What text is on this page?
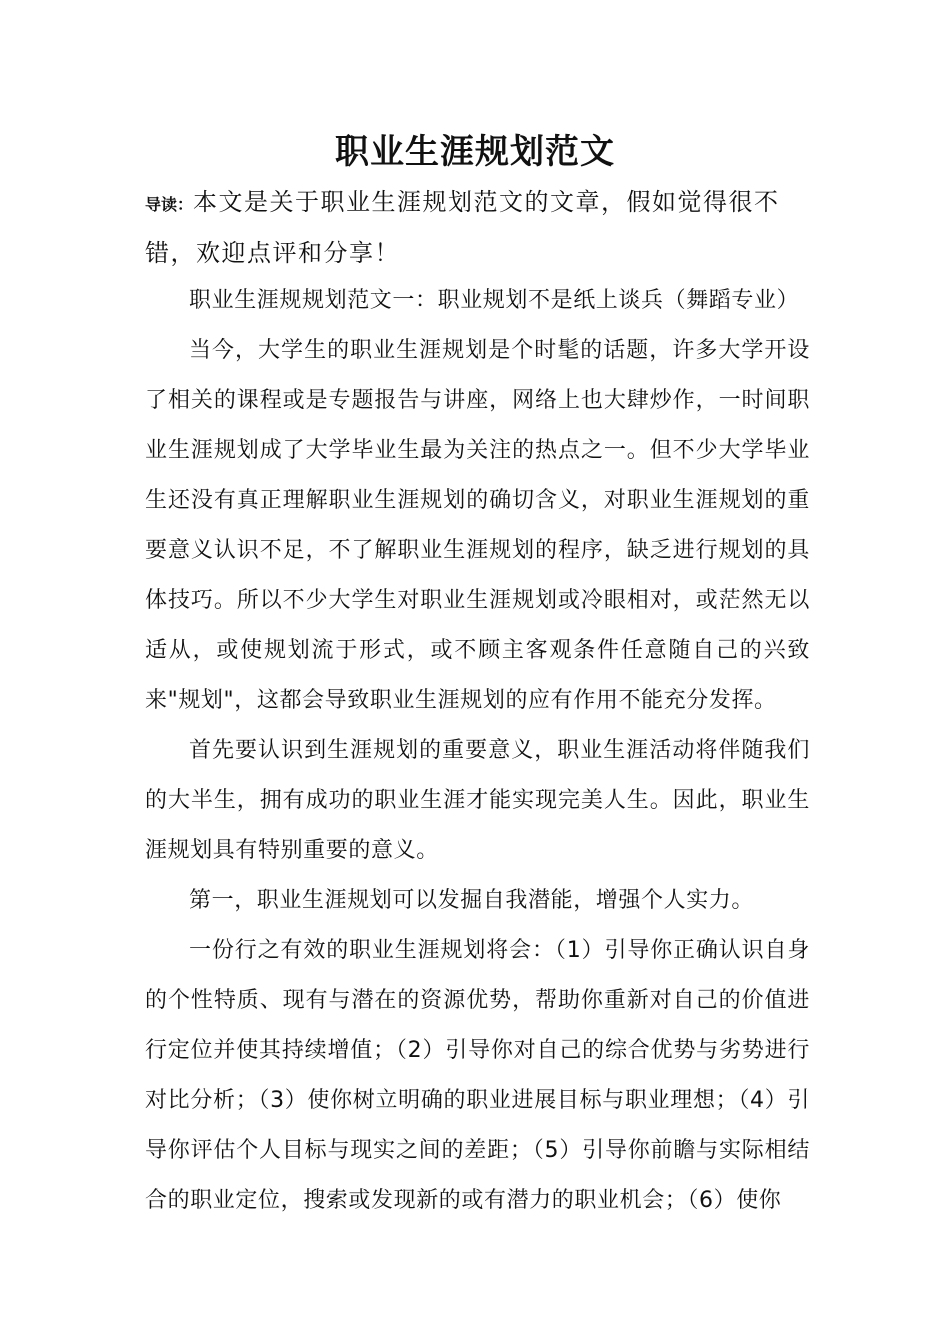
职业生涯规划范文
导读：本文是关于职业生涯规划范文的文章，假如觉得很不错，欢迎点评和分享！

职业生涯规规划范文一：职业规划不是纸上谈兵（舞蹈专业）

当今，大学生的职业生涯规划是个时髦的话题，许多大学开设了相关的课程或是专题报告与讲座，网络上也大肆炒作，一时间职业生涯规划成了大学毕业生最为关注的热点之一。但不少大学毕业生还没有真正理解职业生涯规划的确切含义，对职业生涯规划的重要意义认识不足，不了解职业生涯规划的程序，缺乏进行规划的具体技巧。所以不少大学生对职业生涯规划或冷眼相对，或茫然无以适从，或使规划流于形式，或不顾主客观条件任意随自己的兴致来"规划"，这都会导致职业生涯规划的应有作用不能充分发挥。

首先要认识到生涯规划的重要意义，职业生涯活动将伴随我们的大半生，拥有成功的职业生涯才能实现完美人生。因此，职业生涯规划具有特别重要的意义。

第一，职业生涯规划可以发掘自我潜能，增强个人实力。

一份行之有效的职业生涯规划将会：（1）引导你正确认识自身的个性特质、现有与潜在的资源优势，帮助你重新对自己的价值进行定位并使其持续增值；（2）引导你对自己的综合优势与劣势进行对比分析；（3）使你树立明确的职业进展目标与职业理想；（4）引导你评估个人目标与现实之间的差距；（5）引导你前瞻与实际相结合的职业定位，搜索或发现新的或有潜力的职业机会；（6）使你
